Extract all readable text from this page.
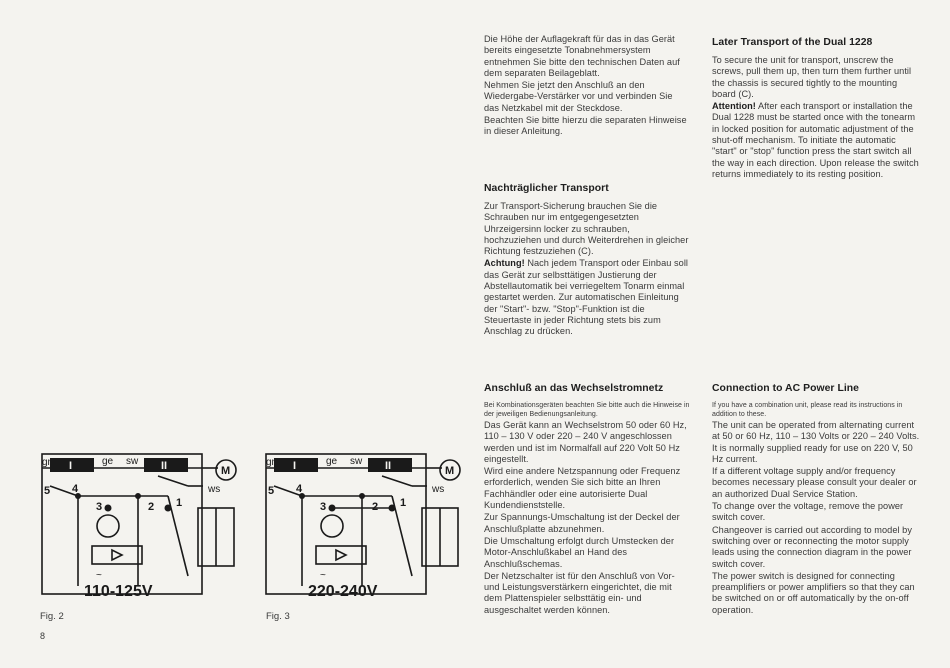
gn	ge sw
I	II	M
ws
5 4
3	2 1
~
110-125V
gn	ge sw
I	II	M
ws
5 4
3	2 1
~
220-240V
Fig. 2	Fig. 3
8

Die Höhe der Auflagekraft für das in das Gerät bereits eingesetzte Tonabnehmersystem entnehmen Sie bitte den technischen Daten auf dem separaten Beilageblatt.

Nehmen Sie jetzt den Anschluß an den Wiedergabe-Verstärker vor und verbinden Sie das Netzkabel mit der Steckdose.

Beachten Sie bitte hierzu die separaten Hinweise in dieser Anleitung.

Later Transport of the Dual 1228

To secure the unit for transport, unscrew the screws, pull them up, then turn them further until the chassis is secured tightly to the mounting board (C).

Attention! After each transport or installation the Dual 1228 must be started once with the tonearm in locked position for automatic adjustment of the shut-off mechanism. To initiate the automatic "start" or "stop" function press the start switch all the way in each direction. Upon release the switch returns immediately to its resting position.

Nachträglicher Transport

Zur Transport-Sicherung brauchen Sie die Schrauben nur im entgegengesetzten Uhrzeigersinn locker zu schrauben, hochzuziehen und durch Weiterdrehen in gleicher Richtung festzuziehen (C).

Achtung! Nach jedem Transport oder Einbau soll das Gerät zur selbsttätigen Justierung der Abstellautomatik bei verriegeltem Tonarm einmal gestartet werden. Zur automatischen Einleitung der "Start"- bzw. "Stop"-Funktion ist die Steuertaste in jeder Richtung stets bis zum Anschlag zu drücken.

Anschluß an das Wechselstromnetz

Bei Kombinationsgeräten beachten Sie bitte auch die Hinweise in der jeweiligen Bedienungsanleitung.

Das Gerät kann an Wechselstrom 50 oder 60 Hz, 110 – 130 V oder 220 – 240 V angeschlossen werden und ist im Normalfall auf 220 Volt 50 Hz eingestellt.

Wird eine andere Netzspannung oder Frequenz erforderlich, wenden Sie sich bitte an Ihren Fachhändler oder eine autorisierte Dual Kundendienststelle.

Zur Spannungs-Umschaltung ist der Deckel der Anschlußplatte abzunehmen.

Die Umschaltung erfolgt durch Umstecken der Motor-Anschlußkabel an Hand des Anschlußschemas.

Der Netzschalter ist für den Anschluß von Vor- und Leistungsverstärkern eingerichtet, die mit dem Plattenspieler selbsttätig ein- und ausgeschaltet werden können.

Connection to AC Power Line

If you have a combination unit, please read its instructions in addition to these.

The unit can be operated from alternating current at 50 or 60 Hz, 110 – 130 Volts or 220 – 240 Volts. It is normally supplied ready for use on 220 V, 50 Hz current.

If a different voltage supply and/or frequency becomes necessary please consult your dealer or an authorized Dual Service Station.

To change over the voltage, remove the power switch cover.

Changeover is carried out according to model by switching over or reconnecting the motor supply leads using the connection diagram in the power switch cover.

The power switch is designed for connecting preamplifiers or power amplifiers so that they can be switched on or off automatically by the on-off operation.
